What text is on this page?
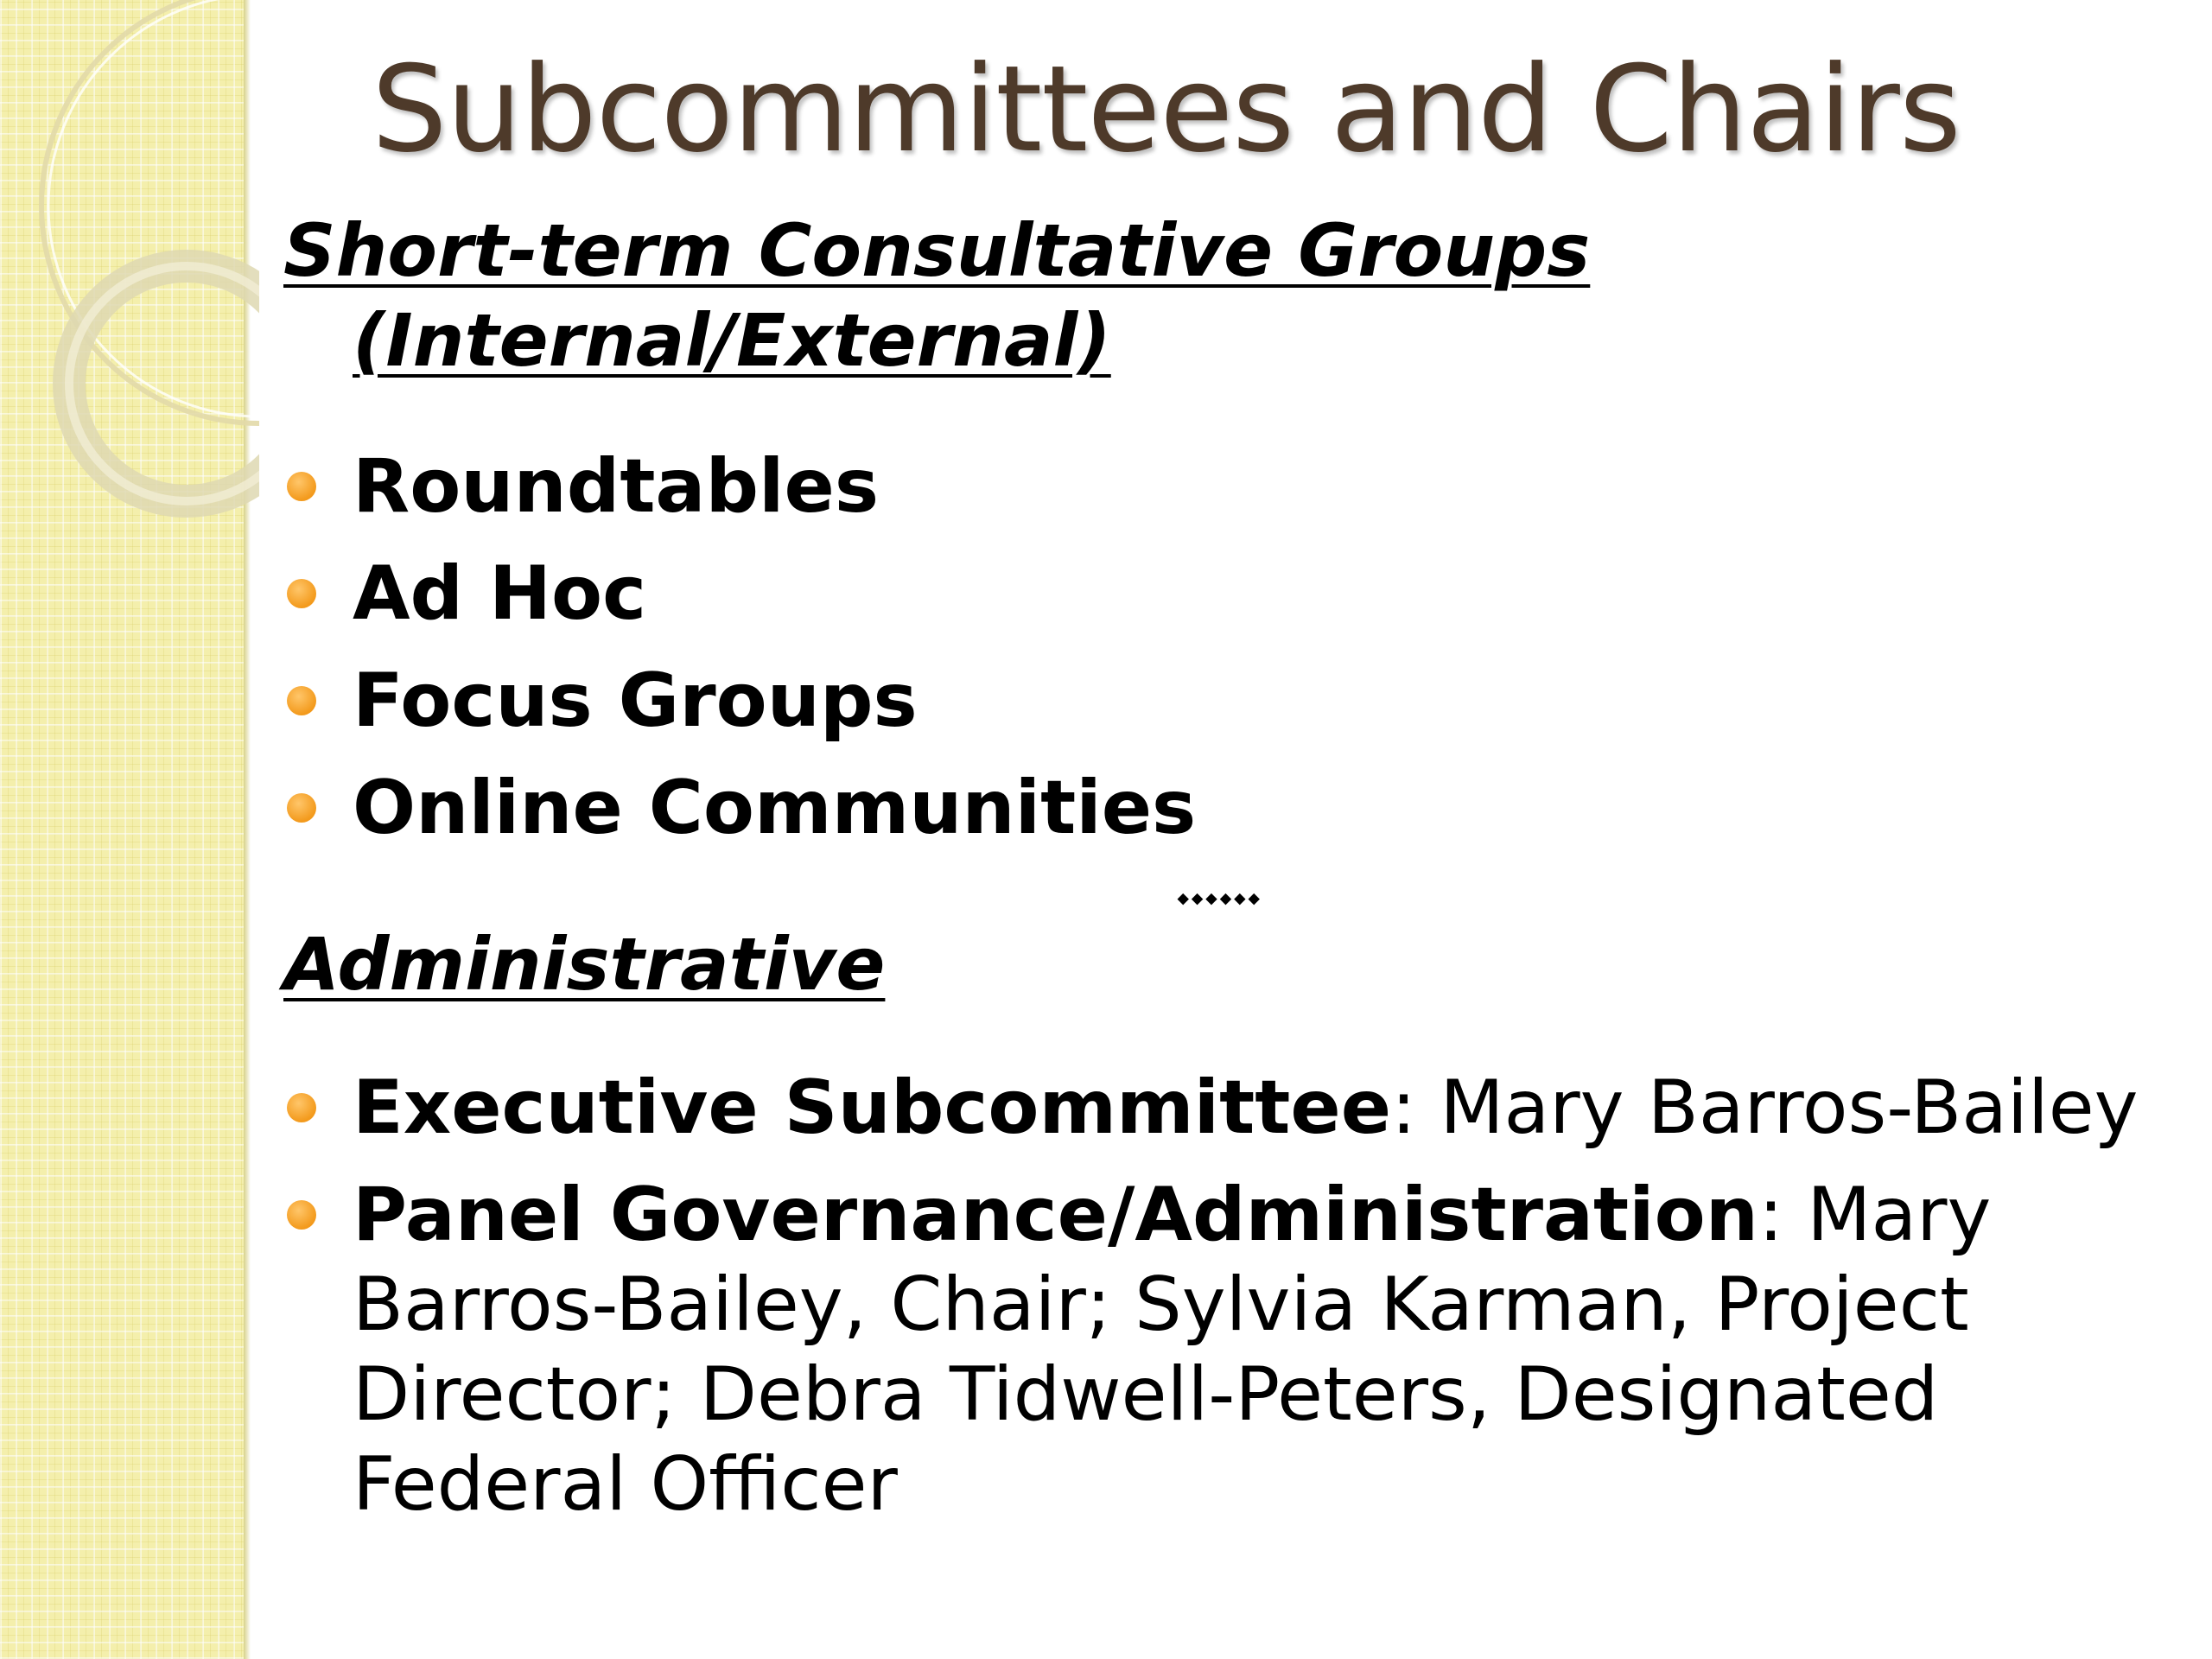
Subcommittees and Chairs
Short-term Consultative Groups
(Internal/External)
Roundtables
Ad Hoc
Focus Groups
Online Communities
⬩⬩⬩⬩⬩⬩
Administrative
Executive Subcommittee: Mary Barros-Bailey
Panel Governance/Administration: Mary Barros-Bailey, Chair; Sylvia Karman, Project Director; Debra Tidwell-Peters, Designated Federal Officer
